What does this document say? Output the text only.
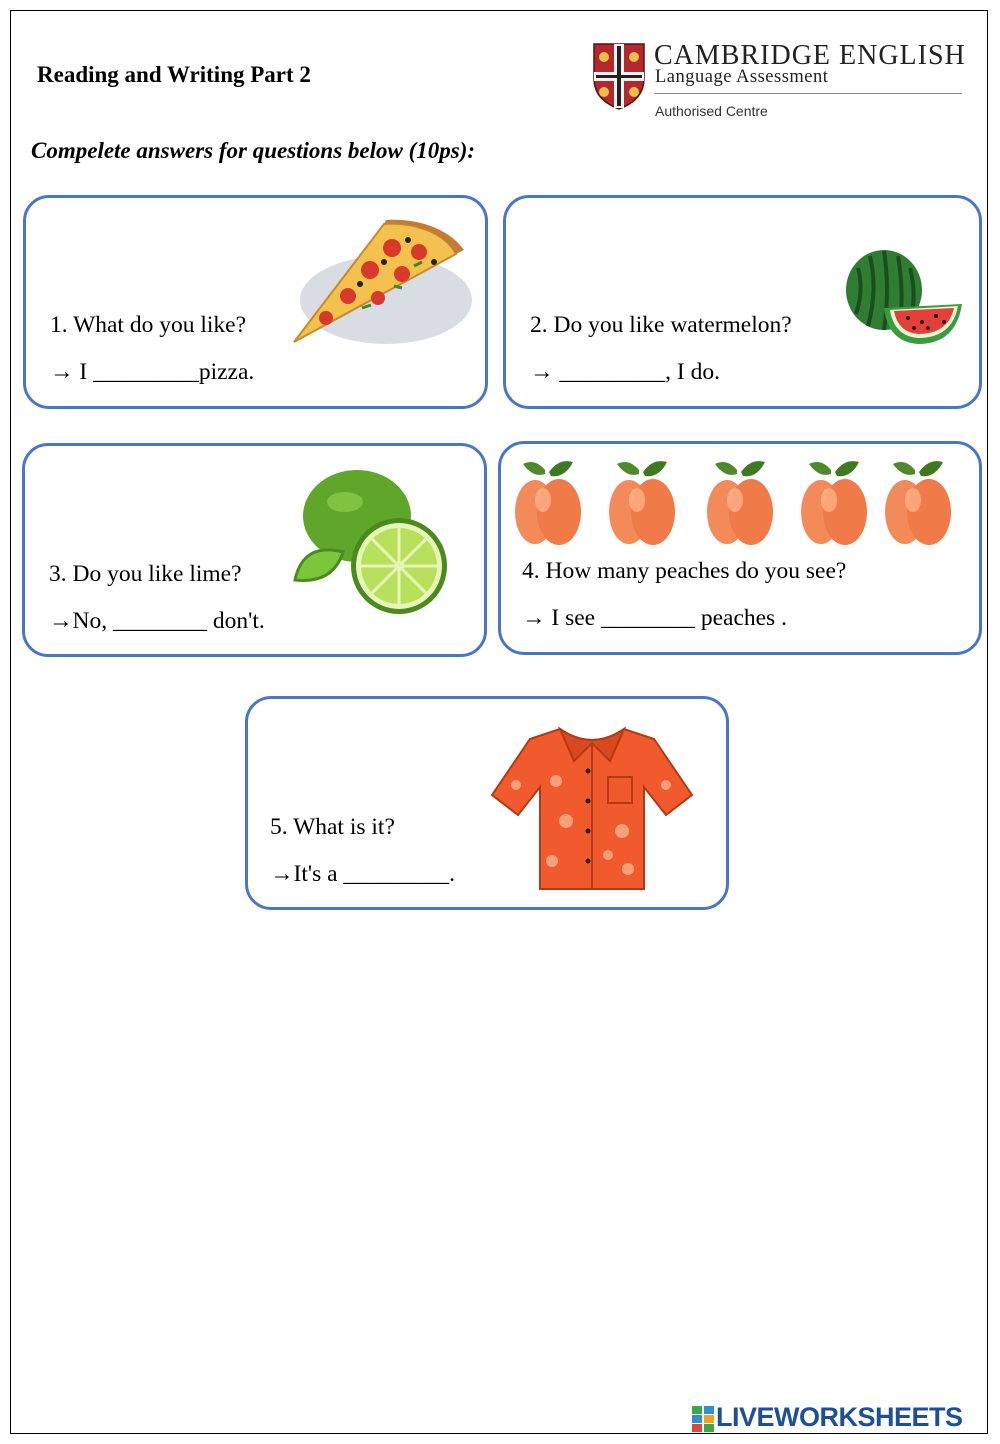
Reading and Writing Part 2
CAMBRIDGE ENGLISH
Language Assessment
Authorised Centre
Compelete answers for questions below (10ps):
1. What do you like?
→ I _________pizza.
2. Do you like watermelon?
→ _________, I do.
3. Do you like lime?
→No, ________ don't.
4. How many peaches do you see?
→ I see ________ peaches .
5. What is it?
→It's a _________.
LIVEWORKSHEETS
